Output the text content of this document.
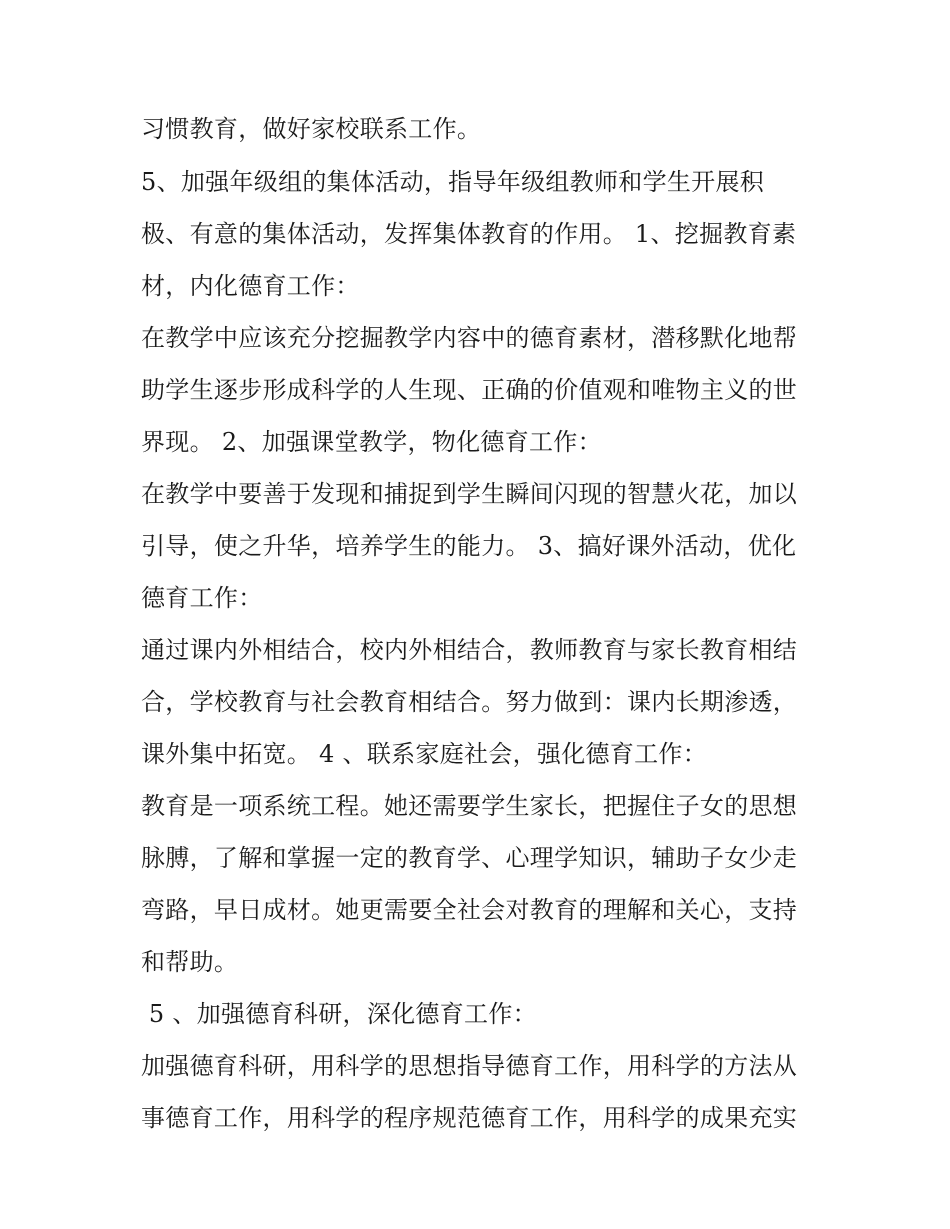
习惯教育，做好家校联系工作。
5、加强年级组的集体活动，指导年级组教师和学生开展积
极、有意的集体活动，发挥集体教育的作用。 1、挖掘教育素
材，内化德育工作：
在教学中应该充分挖掘教学内容中的德育素材，潜移默化地帮
助学生逐步形成科学的人生现、正确的价值观和唯物主义的世
界现。 2、加强课堂教学，物化德育工作：
在教学中要善于发现和捕捉到学生瞬间闪现的智慧火花，加以
引导，使之升华，培养学生的能力。 3、搞好课外活动，优化
德育工作：
通过课内外相结合，校内外相结合，教师教育与家长教育相结
合，学校教育与社会教育相结合。努力做到：课内长期渗透，
课外集中拓宽。 4 、联系家庭社会，强化德育工作：
教育是一项系统工程。她还需要学生家长，把握住子女的思想
脉膊，了解和掌握一定的教育学、心理学知识，辅助子女少走
弯路，早日成材。她更需要全社会对教育的理解和关心，支持
和帮助。
5 、加强德育科研，深化德育工作：
加强德育科研，用科学的思想指导德育工作，用科学的方法从
事德育工作，用科学的程序规范德育工作，用科学的成果充实
